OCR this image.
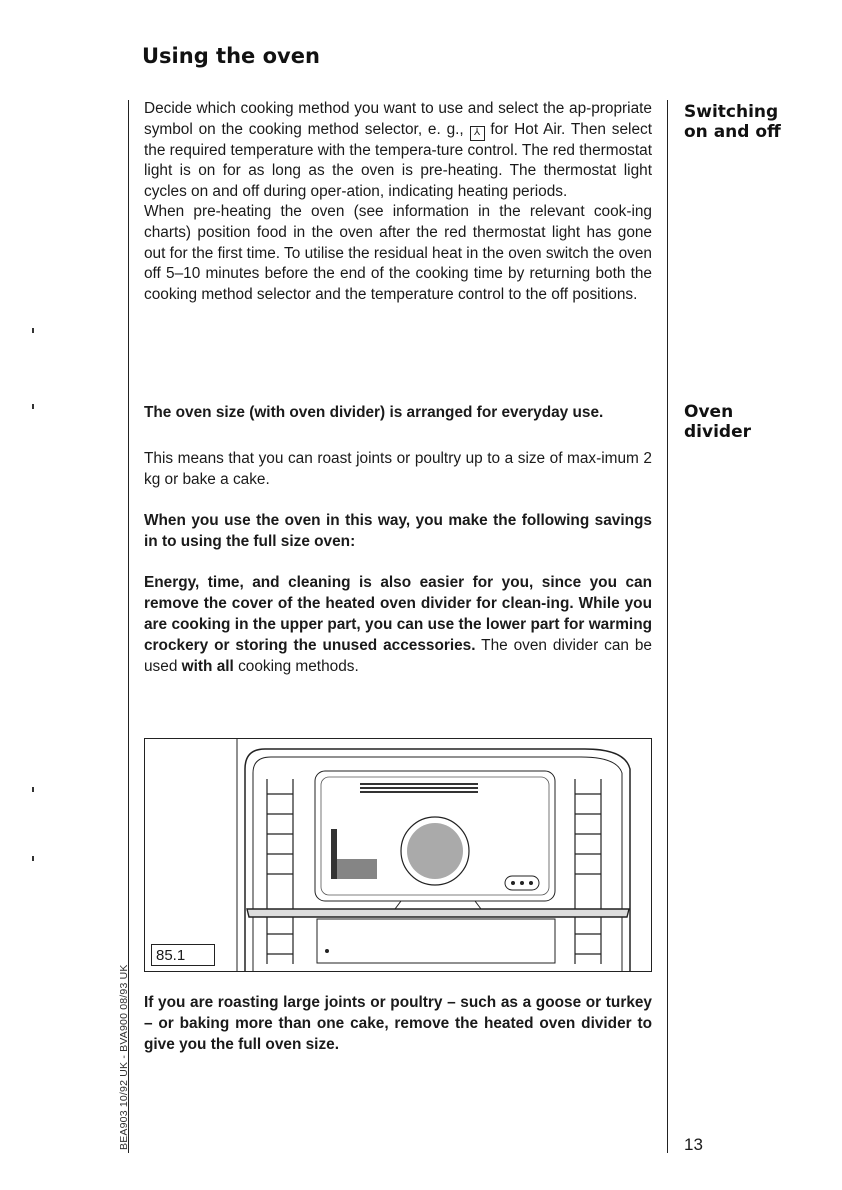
Using the oven
Switching
on and off

Decide which cooking method you want to use and select the ap-propriate symbol on the cooking method selector, e. g., ⅄ for Hot Air. Then select the required temperature with the tempera-ture control. The red thermostat light is on for as long as the oven is pre-heating. The thermostat light cycles on and off during oper-ation, indicating heating periods.

When pre-heating the oven (see information in the relevant cook-ing charts) position food in the oven after the red thermostat light has gone out for the first time. To utilise the residual heat in the oven switch the oven off 5–10 minutes before the end of the cooking time by returning both the cooking method selector and the temperature control to the off positions.

Oven
divider

The oven size (with oven divider) is arranged for everyday use.

This means that you can roast joints or poultry up to a size of max-imum 2 kg or bake a cake.

When you use the oven in this way, you make the following savings in to using the full size oven:

Energy, time, and cleaning is also easier for you, since you can remove the cover of the heated oven divider for clean-ing. While you are cooking in the upper part, you can use the lower part for warming crockery or storing the unused accessories. The oven divider can be used with all cooking methods.

85.1

If you are roasting large joints or poultry – such as a goose or turkey – or baking more than one cake, remove the heated oven divider to give you the full oven size.

13
BEA903 10/92 UK - BVA900 08/93 UK
